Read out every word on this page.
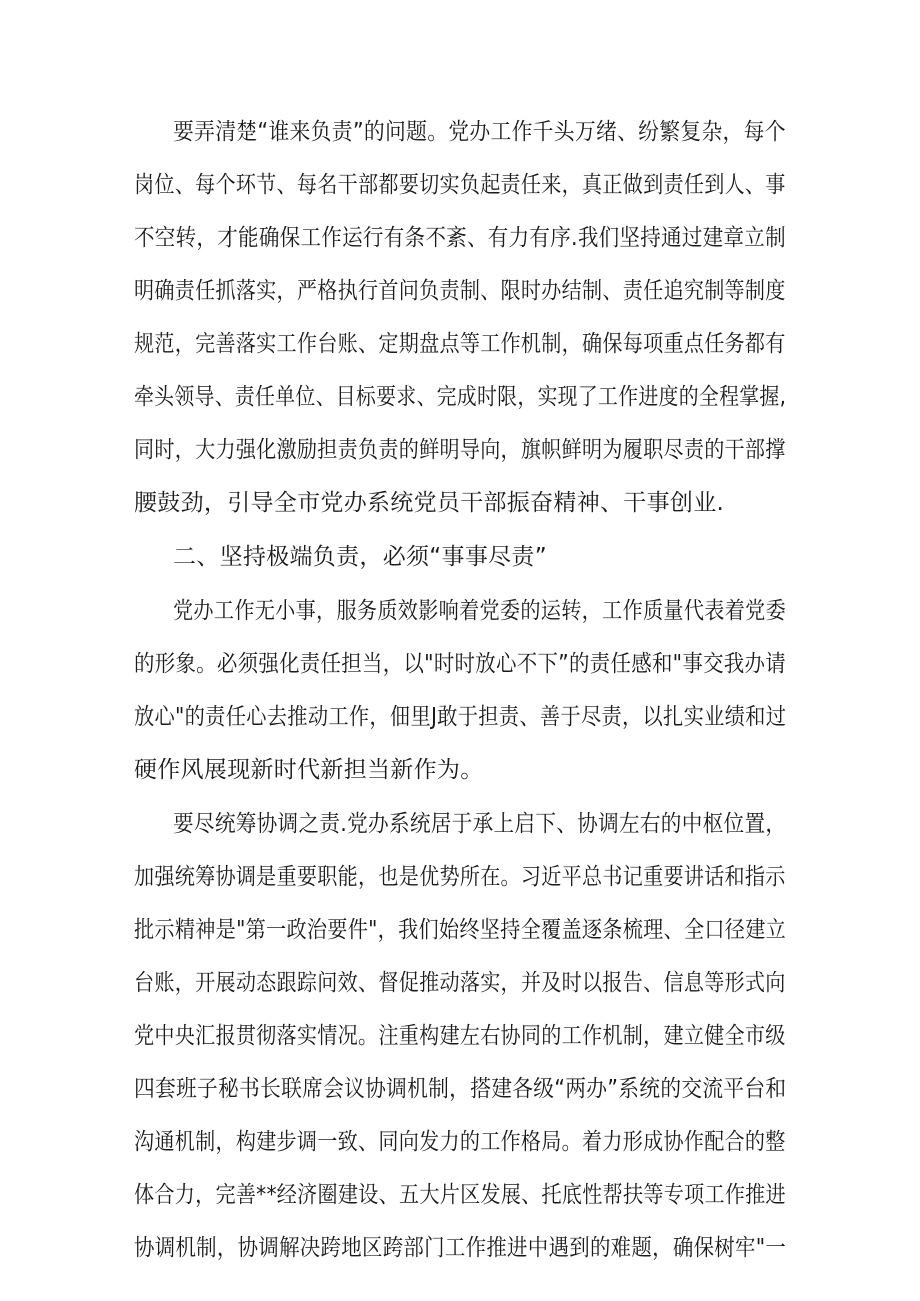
要弄清楚“谁来负责”的问题。党办工作千头万绪、纷繁复杂，每个
岗位、每个环节、每名干部都要切实负起责任来，真正做到责任到人、事
不空转，才能确保工作运行有条不紊、有力有序.我们坚持通过建章立制
明确责任抓落实，严格执行首问负责制、限时办结制、责任追究制等制度
规范，完善落实工作台账、定期盘点等工作机制，确保每项重点任务都有
牵头领导、责任单位、目标要求、完成时限，实现了工作进度的全程掌握,
同时，大力强化激励担责负责的鲜明导向，旗帜鲜明为履职尽责的干部撑
腰鼓劲，引导全市党办系统党员干部振奋精神、干事创业.
二、坚持极端负责，必须“事事尽责”
党办工作无小事，服务质效影响着党委的运转，工作质量代表着党委
的形象。必须强化责任担当，以"时时放心不下”的责任感和"事交我办请
放心"的责任心去推动工作，佃里J敢于担责、善于尽责，以扎实业绩和过
硬作风展现新时代新担当新作为。
要尽统筹协调之责.党办系统居于承上启下、协调左右的中枢位置，
加强统筹协调是重要职能，也是优势所在。习近平总书记重要讲话和指示
批示精神是"第一政治要件"，我们始终坚持全覆盖逐条梳理、全口径建立
台账，开展动态跟踪问效、督促推动落实，并及时以报告、信息等形式向
党中央汇报贯彻落实情况。注重构建左右协同的工作机制，建立健全市级
四套班子秘书长联席会议协调机制，搭建各级“两办”系统的交流平台和
沟通机制，构建步调一致、同向发力的工作格局。着力形成协作配合的整
体合力，完善**经济圈建设、五大片区发展、托底性帮扶等专项工作推进
协调机制，协调解决跨地区跨部门工作推进中遇到的难题，确保树牢"一
